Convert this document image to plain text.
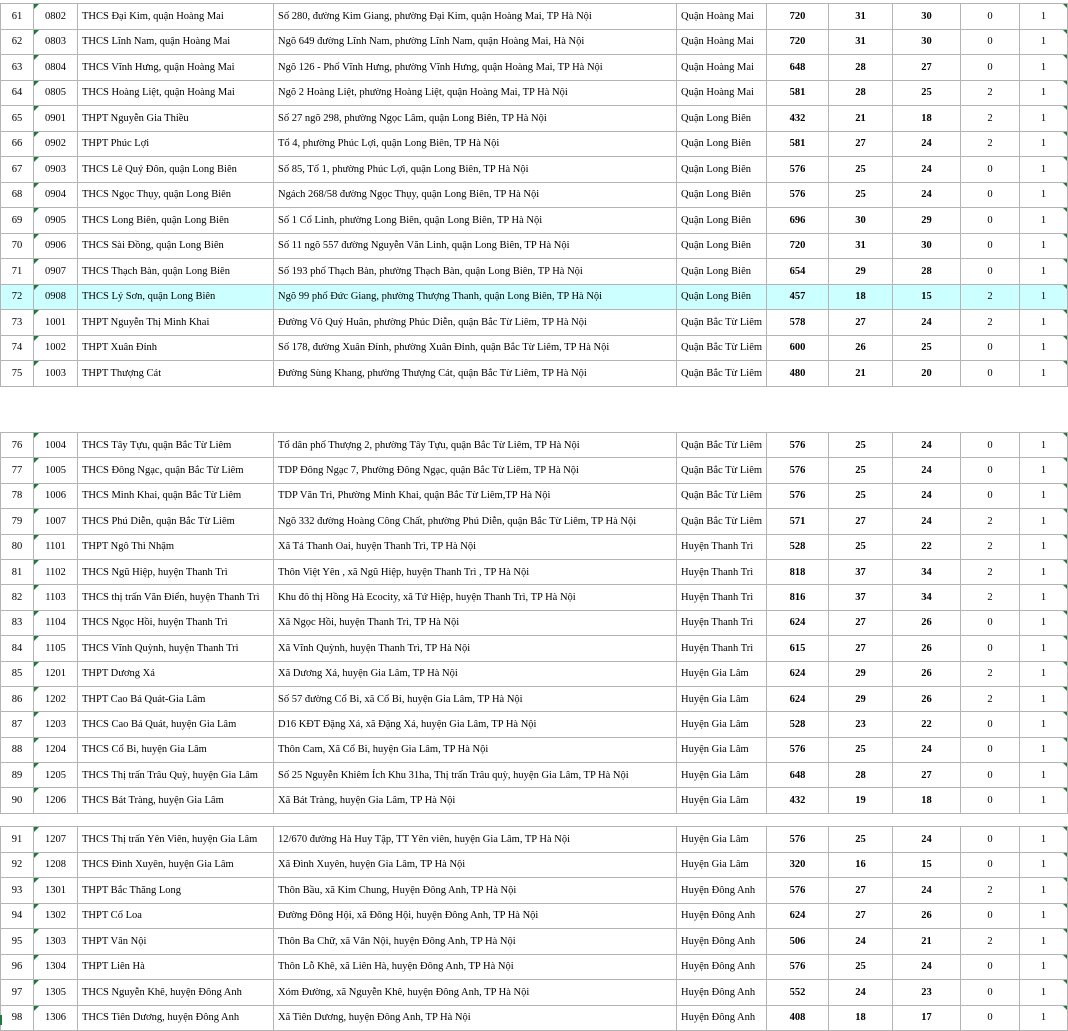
61	0802	THCS Đại Kim, quận Hoàng Mai	Số 280, đường Kim Giang, phường Đại Kim, quận Hoàng Mai, TP Hà Nội	Quận Hoàng Mai	720	31	30	0	1
62	0803	THCS Lĩnh Nam, quận Hoàng Mai	Ngõ 649 đường Lĩnh Nam, phường Lĩnh Nam, quận Hoàng Mai, Hà Nội	Quận Hoàng Mai	720	31	30	0	1
63	0804	THCS Vĩnh Hưng, quận Hoàng Mai	Ngõ 126 - Phố Vĩnh Hưng, phường Vĩnh Hưng, quận Hoàng Mai, TP Hà Nội	Quận Hoàng Mai	648	28	27	0	1
64	0805	THCS Hoàng Liệt, quận Hoàng Mai	Ngõ 2 Hoàng Liệt, phường Hoàng Liệt, quận Hoàng Mai, TP Hà Nội	Quận Hoàng Mai	581	28	25	2	1
65	0901	THPT Nguyễn Gia Thiều	Số 27 ngõ 298, phường Ngọc Lâm, quận Long Biên, TP Hà Nội	Quận Long Biên	432	21	18	2	1
66	0902	THPT Phúc Lợi	Tổ 4, phường Phúc Lợi, quận Long Biên, TP Hà Nội	Quận Long Biên	581	27	24	2	1
67	0903	THCS Lê Quý Đôn, quận Long Biên	Số 85, Tổ 1, phường Phúc Lợi, quận Long Biên, TP Hà Nội	Quận Long Biên	576	25	24	0	1
68	0904	THCS Ngọc Thụy, quận Long Biên	Ngách 268/58 đường Ngọc Thụy, quận Long Biên, TP Hà Nội	Quận Long Biên	576	25	24	0	1
69	0905	THCS Long Biên, quận Long Biên	Số 1 Cổ Linh, phường Long Biên, quận Long Biên, TP Hà Nội	Quận Long Biên	696	30	29	0	1
70	0906	THCS Sài Đồng, quận Long Biên	Số 11 ngõ 557 đường Nguyễn Văn Linh, quận Long Biên, TP Hà Nội	Quận Long Biên	720	31	30	0	1
71	0907	THCS Thạch Bàn, quận Long Biên	Số 193 phố Thạch Bàn, phường Thạch Bàn, quận Long Biên, TP Hà Nội	Quận Long Biên	654	29	28	0	1
72	0908	THCS Lý Sơn, quận Long Biên	Ngõ 99 phố Đức Giang, phường Thượng Thanh, quận Long Biên, TP Hà Nội	Quận Long Biên	457	18	15	2	1
73	1001	THPT Nguyễn Thị Minh Khai	Đường Võ Quý Huân, phường Phúc Diễn, quận Bắc Từ Liêm, TP Hà Nội	Quận Bắc Từ Liêm	578	27	24	2	1
74	1002	THPT Xuân Đỉnh	Số 178, đường Xuân Đỉnh, phường Xuân Đỉnh, quận Bắc Từ Liêm, TP Hà Nội	Quận Bắc Từ Liêm	600	26	25	0	1
75	1003	THPT Thượng Cát	Đường Sùng Khang, phường Thượng Cát, quận Bắc Từ Liêm, TP Hà Nội	Quận Bắc Từ Liêm	480	21	20	0	1
76	1004	THCS Tây Tựu, quận Bắc Từ Liêm	Tổ dân phố Thượng 2, phường Tây Tựu, quận Bắc Từ Liêm, TP Hà Nội	Quận Bắc Từ Liêm	576	25	24	0	1
77	1005	THCS Đông Ngạc, quận Bắc Từ Liêm	TDP Đông Ngạc 7, Phường Đông Ngạc, quận Bắc Từ Liêm, TP Hà Nội	Quận Bắc Từ Liêm	576	25	24	0	1
78	1006	THCS Minh Khai, quận Bắc Từ Liêm	TDP Văn Trì, Phường Minh Khai, quận Bắc Từ Liêm,TP Hà Nội	Quận Bắc Từ Liêm	576	25	24	0	1
79	1007	THCS Phú Diễn, quận Bắc Từ Liêm	Ngõ 332 đường Hoàng Công Chất, phường Phú Diễn, quận Bắc Từ Liêm, TP Hà Nội	Quận Bắc Từ Liêm	571	27	24	2	1
80	1101	THPT Ngô Thì Nhậm	Xã Tả Thanh Oai, huyện Thanh Trì, TP Hà Nội	Huyện Thanh Trì	528	25	22	2	1
81	1102	THCS Ngũ Hiệp, huyện Thanh Trì	Thôn Việt Yên , xã Ngũ Hiệp, huyện Thanh Trì , TP Hà Nội	Huyện Thanh Trì	818	37	34	2	1
82	1103	THCS thị trấn Văn Điển, huyện Thanh Trì	Khu đô thị Hồng Hà Ecocity, xã Tứ Hiệp, huyện Thanh Trì, TP Hà Nội	Huyện Thanh Trì	816	37	34	2	1
83	1104	THCS Ngọc Hồi, huyện Thanh Trì	Xã Ngọc Hồi, huyện Thanh Trì, TP Hà Nội	Huyện Thanh Trì	624	27	26	0	1
84	1105	THCS Vĩnh Quỳnh, huyện Thanh Trì	Xã Vĩnh Quỳnh, huyện Thanh Trì, TP Hà Nội	Huyện Thanh Trì	615	27	26	0	1
85	1201	THPT Dương Xá	Xã Dương Xá, huyện Gia Lâm, TP Hà Nội	Huyện Gia Lâm	624	29	26	2	1
86	1202	THPT Cao Bá Quát-Gia Lâm	Số 57 đường Cổ Bi, xã Cổ Bi, huyện Gia Lâm, TP Hà Nội	Huyện Gia Lâm	624	29	26	2	1
87	1203	THCS Cao Bá Quát, huyện Gia Lâm	D16 KĐT Đặng Xá, xã Đặng Xá, huyện Gia Lâm, TP Hà Nội	Huyện Gia Lâm	528	23	22	0	1
88	1204	THCS Cổ Bi, huyện Gia Lâm	Thôn Cam, Xã Cổ Bi, huyện Gia Lâm, TP Hà Nội	Huyện Gia Lâm	576	25	24	0	1
89	1205	THCS Thị trấn Trâu Quỳ, huyện Gia Lâm	Số 25 Nguyễn Khiêm Ích Khu 31ha, Thị trấn Trâu quỳ, huyện Gia Lâm, TP Hà Nội	Huyện Gia Lâm	648	28	27	0	1
90	1206	THCS Bát Tràng, huyện Gia Lâm	Xã Bát Tràng, huyện Gia Lâm, TP Hà Nội	Huyện Gia Lâm	432	19	18	0	1
91	1207	THCS Thị trấn Yên Viên, huyện Gia Lâm	12/670 đường Hà Huy Tập, TT Yên viên, huyện Gia Lâm, TP Hà Nội	Huyện Gia Lâm	576	25	24	0	1
92	1208	THCS Đình Xuyên, huyện Gia Lâm	Xã Đình Xuyên, huyện Gia Lâm, TP Hà Nội	Huyện Gia Lâm	320	16	15	0	1
93	1301	THPT Bắc Thăng Long	Thôn Bầu, xã Kim Chung, Huyện Đông Anh, TP Hà Nội	Huyện Đông Anh	576	27	24	2	1
94	1302	THPT Cổ Loa	Đường Đông Hội, xã Đông Hội, huyện Đông Anh, TP Hà Nội	Huyện Đông Anh	624	27	26	0	1
95	1303	THPT Vân Nội	Thôn Ba Chữ, xã Vân Nội, huyện Đông Anh, TP Hà Nội	Huyện Đông Anh	506	24	21	2	1
96	1304	THPT Liên Hà	Thôn Lỗ Khê, xã Liên Hà, huyện Đông Anh, TP Hà Nội	Huyện Đông Anh	576	25	24	0	1
97	1305	THCS Nguyễn Khê, huyện Đông Anh	Xóm Đường, xã Nguyễn Khê, huyện Đông Anh, TP Hà Nội	Huyện Đông Anh	552	24	23	0	1
98	1306	THCS Tiên Dương, huyện Đông Anh	Xã Tiên Dương, huyện Đông Anh, TP Hà Nội	Huyện Đông Anh	408	18	17	0	1
